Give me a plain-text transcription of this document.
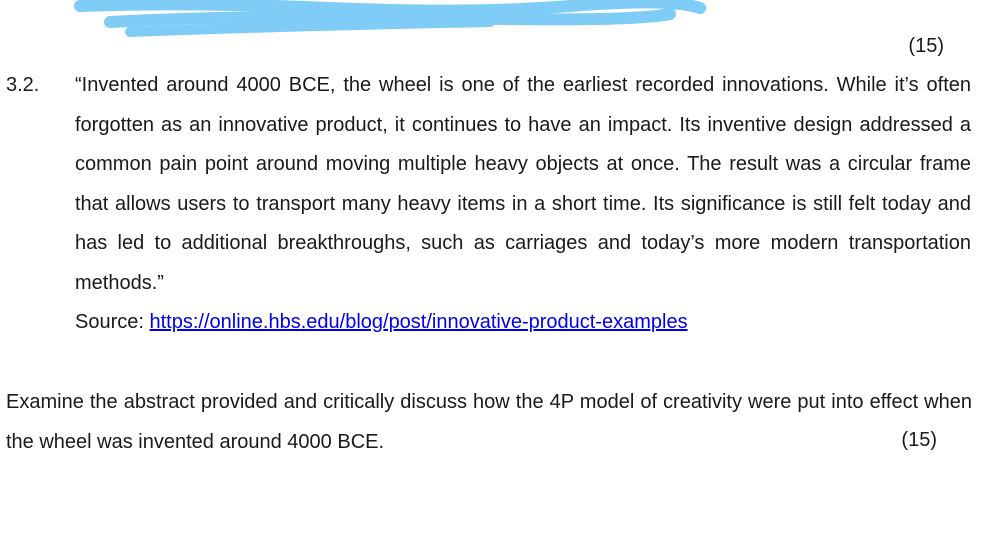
(15)
3.2. “Invented around 4000 BCE, the wheel is one of the earliest recorded innovations. While it’s often forgotten as an innovative product, it continues to have an impact. Its inventive design addressed a common pain point around moving multiple heavy objects at once. The result was a circular frame that allows users to transport many heavy items in a short time. Its significance is still felt today and has led to additional breakthroughs, such as carriages and today’s more modern transportation methods.”

Source: https://online.hbs.edu/blog/post/innovative-product-examples

Examine the abstract provided and critically discuss how the 4P model of creativity were put into effect when the wheel was invented around 4000 BCE.	(15)
